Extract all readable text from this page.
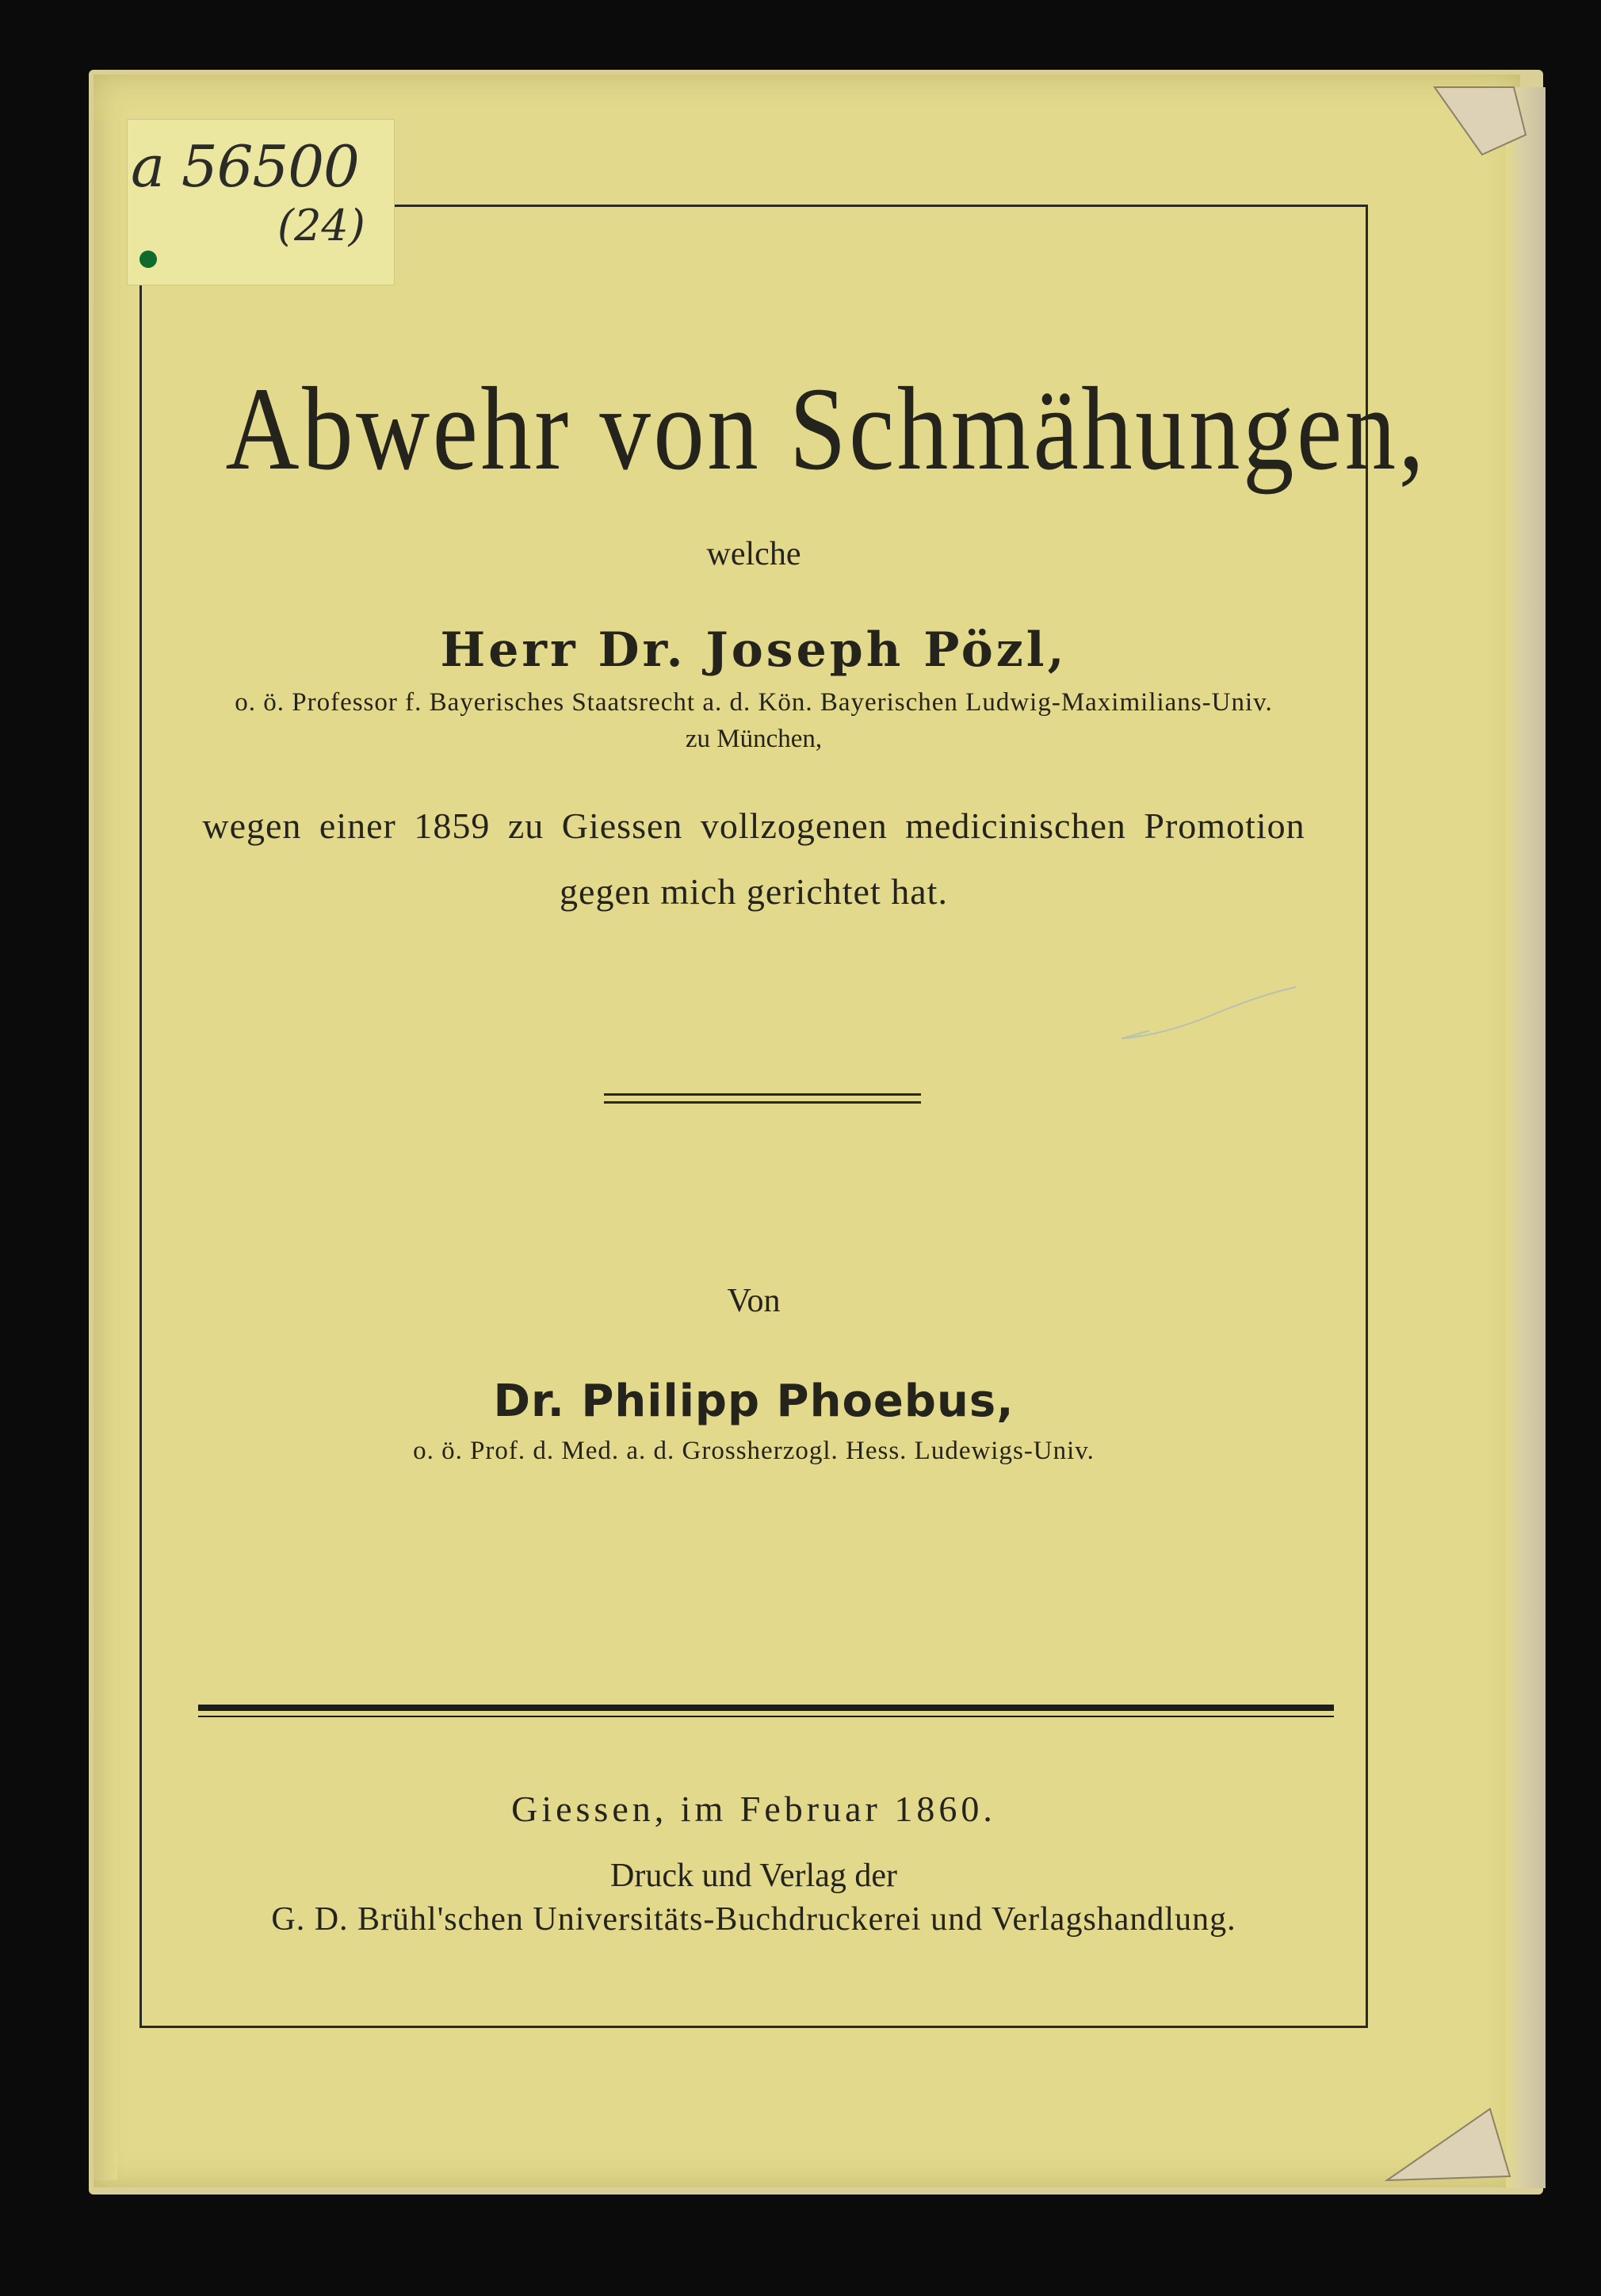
a 56500
(24)
Abwehr von Schmähungen,
welche
Herr Dr. Joseph Pözl,
o. ö. Professor f. Bayerisches Staatsrecht a. d. Kön. Bayerischen Ludwig-Maximilians-Univ.
zu München,
wegen einer 1859 zu Giessen vollzogenen medicinischen Promotion
gegen mich gerichtet hat.
Von
Dr. Philipp Phoebus,
o. ö. Prof. d. Med. a. d. Grossherzogl. Hess. Ludewigs-Univ.
Giessen, im Februar 1860.
Druck und Verlag der
G. D. Brühl'schen Universitäts-Buchdruckerei und Verlagshandlung.
